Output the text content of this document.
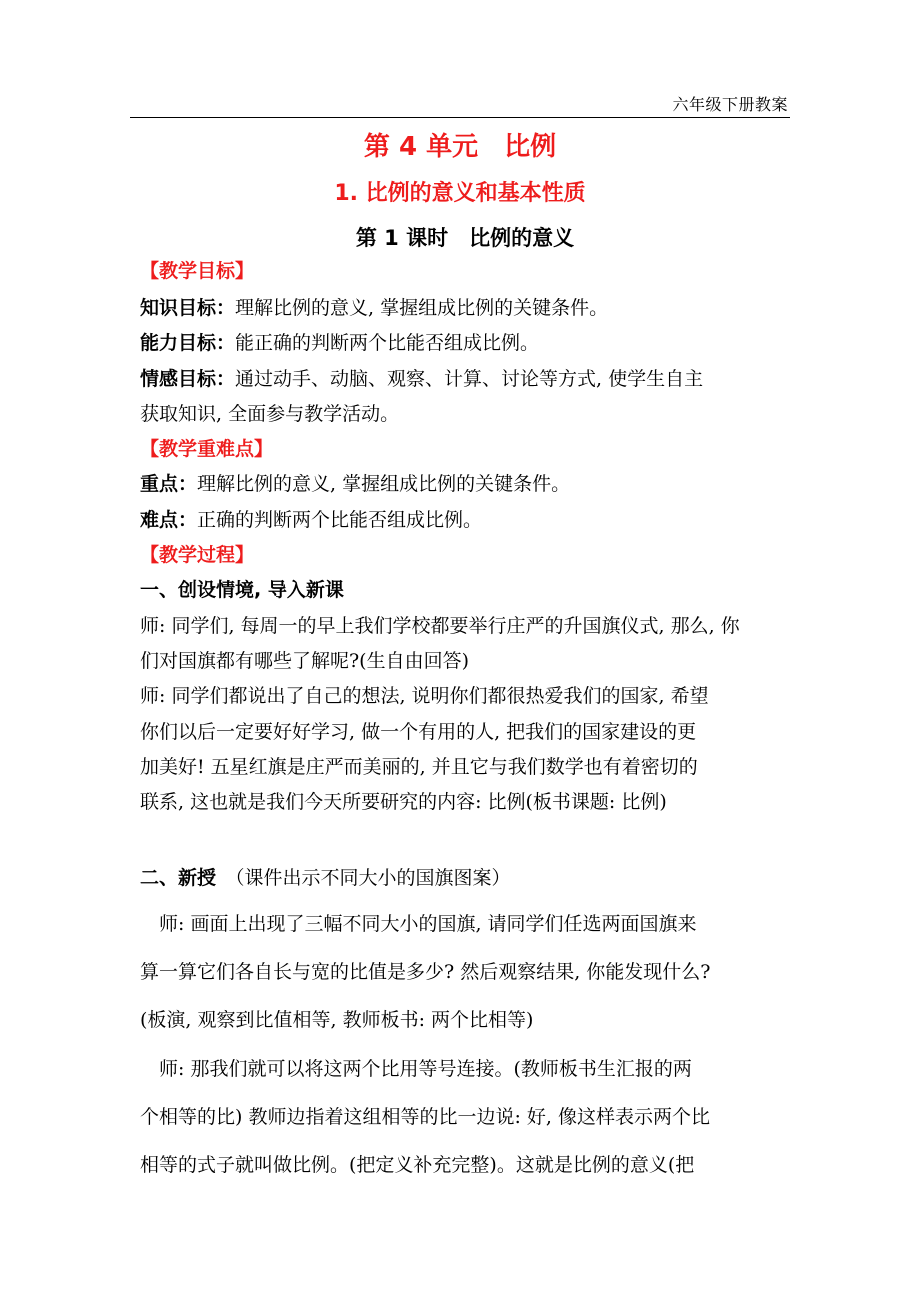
六年级下册教案
第 4 单元　比例
1. 比例的意义和基本性质
第 1 课时　比例的意义
【教学目标】
知识目标：理解比例的意义, 掌握组成比例的关键条件。
能力目标：能正确的判断两个比能否组成比例。
情感目标：通过动手、动脑、观察、计算、讨论等方式, 使学生自主
获取知识, 全面参与教学活动。
【教学重难点】
重点：理解比例的意义, 掌握组成比例的关键条件。
难点：正确的判断两个比能否组成比例。
【教学过程】
一、创设情境, 导入新课
师: 同学们, 每周一的早上我们学校都要举行庄严的升国旗仪式, 那么, 你
们对国旗都有哪些了解呢?(生自由回答)
师: 同学们都说出了自己的想法, 说明你们都很热爱我们的国家, 希望
你们以后一定要好好学习, 做一个有用的人, 把我们的国家建设的更
加美好! 五星红旗是庄严而美丽的, 并且它与我们数学也有着密切的
联系, 这也就是我们今天所要研究的内容: 比例(板书课题: 比例)
二、新授　 （课件出示不同大小的国旗图案）
　师: 画面上出现了三幅不同大小的国旗, 请同学们任选两面国旗来
算一算它们各自长与宽的比值是多少? 然后观察结果, 你能发现什么?
(板演, 观察到比值相等, 教师板书: 两个比相等)
　师: 那我们就可以将这两个比用等号连接。(教师板书生汇报的两
个相等的比) 教师边指着这组相等的比一边说: 好, 像这样表示两个比
相等的式子就叫做比例。(把定义补充完整)。这就是比例的意义(把
